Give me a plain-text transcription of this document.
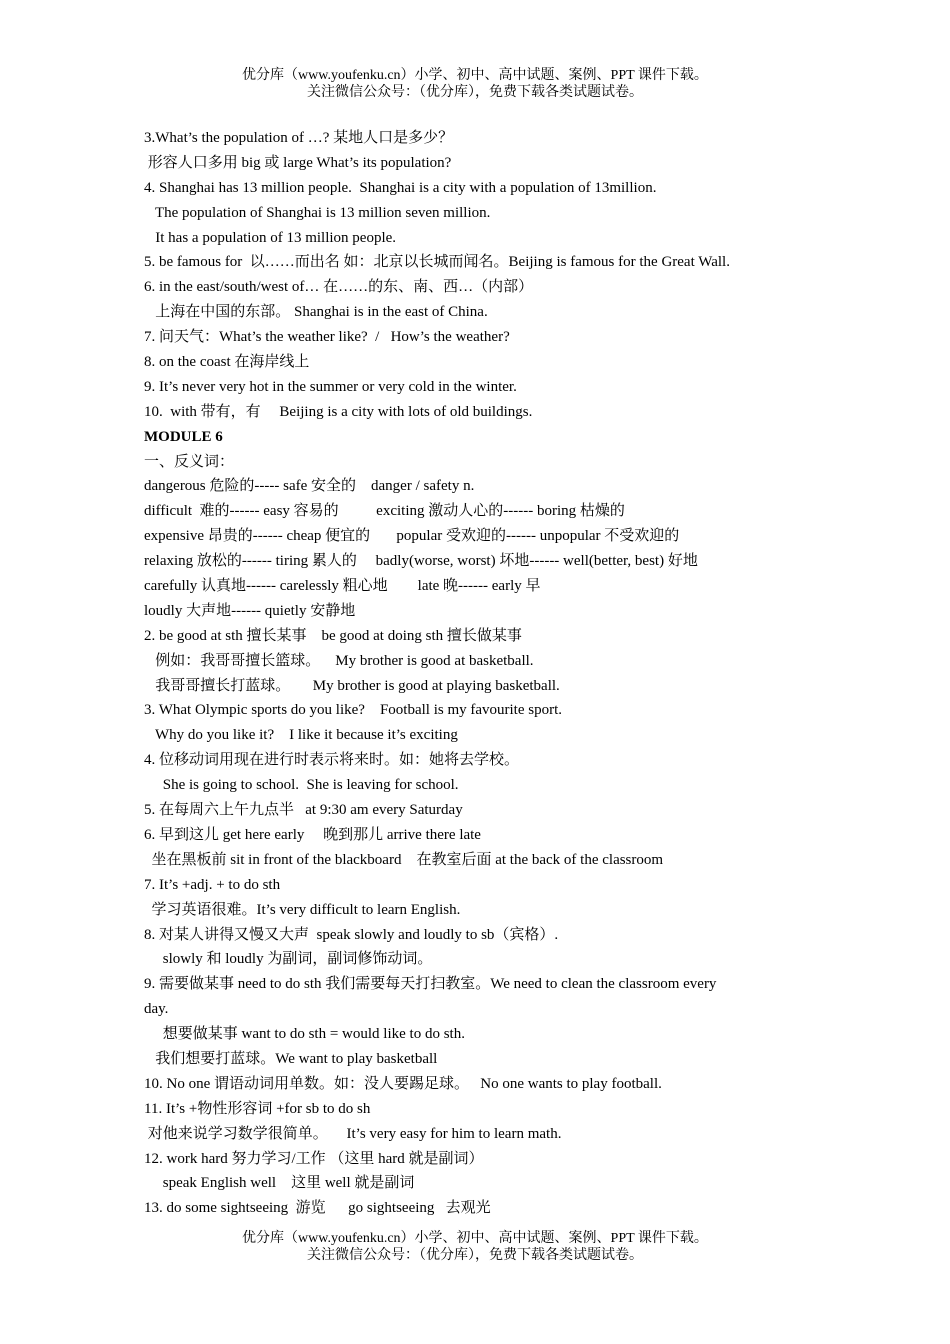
优分库（www.youfenku.cn）小学、初中、高中试题、案例、PPT 课件下载。
关注微信公众号：（优分库），免费下载各类试题试卷。
3.What’s the population of …? 某地人口是多少？
形容人口多用 big 或 large What’s its population?
4. Shanghai has 13 million people.  Shanghai is a city with a population of 13million.
The population of Shanghai is 13 million seven million.
It has a population of 13 million people.
5. be famous for  以……而出名 如：北京以长城而闻名。Beijing is famous for the Great Wall.
6. in the east/south/west of… 在……的东、南、西…（内部）
上海在中国的东部。 Shanghai is in the east of China.
7. 问天气：What’s the weather like?  /   How’s the weather?
8. on the coast 在海岸线上
9. It’s never very hot in the summer or very cold in the winter.
10.  with 带有，有     Beijing is a city with lots of old buildings.
MODULE 6
一、反义词：
dangerous 危险的----- safe 安全的    danger / safety n.
difficult  难的------ easy 容易的          exciting 激动人心的------ boring 枯燥的
expensive 昂贵的------ cheap 便宜的       popular 受欢迎的------ unpopular 不受欢迎的
relaxing 放松的------ tiring 累人的     badly(worse, worst) 坏地------ well(better, best) 好地
carefully 认真地------ carelessly 粗心地        late 晚------ early 早
loudly 大声地------ quietly 安静地
2. be good at sth 擅长某事    be good at doing sth 擅长做某事
例如：我哥哥擅长篮球。    My brother is good at basketball.
我哥哥擅长打蓝球。      My brother is good at playing basketball.
3. What Olympic sports do you like?    Football is my favourite sport.
Why do you like it?    I like it because it’s exciting
4. 位移动词用现在进行时表示将来时。如：她将去学校。
She is going to school.  She is leaving for school.
5. 在每周六上午九点半   at 9:30 am every Saturday
6. 早到这儿 get here early     晚到那儿 arrive there late
坐在黑板前 sit in front of the blackboard    在教室后面 at the back of the classroom
7. It’s +adj. + to do sth
学习英语很难。It’s very difficult to learn English.
8. 对某人讲得又慢又大声  speak slowly and loudly to sb（宾格）.
slowly 和 loudly 为副词，副词修饰动词。
9. 需要做某事 need to do sth 我们需要每天打扫教室。We need to clean the classroom every
day.
想要做某事 want to do sth = would like to do sth.
我们想要打蓝球。We want to play basketball
10. No one 谓语动词用单数。如：没人要踢足球。   No one wants to play football.
11. It’s +物性形容词 +for sb to do sh
对他来说学习数学很简单。     It’s very easy for him to learn math.
12. work hard 努力学习/工作 （这里 hard 就是副词）
speak English well    这里 well 就是副词
13. do some sightseeing  游览      go sightseeing   去观光
优分库（www.youfenku.cn）小学、初中、高中试题、案例、PPT 课件下载。
关注微信公众号：（优分库），免费下载各类试题试卷。
